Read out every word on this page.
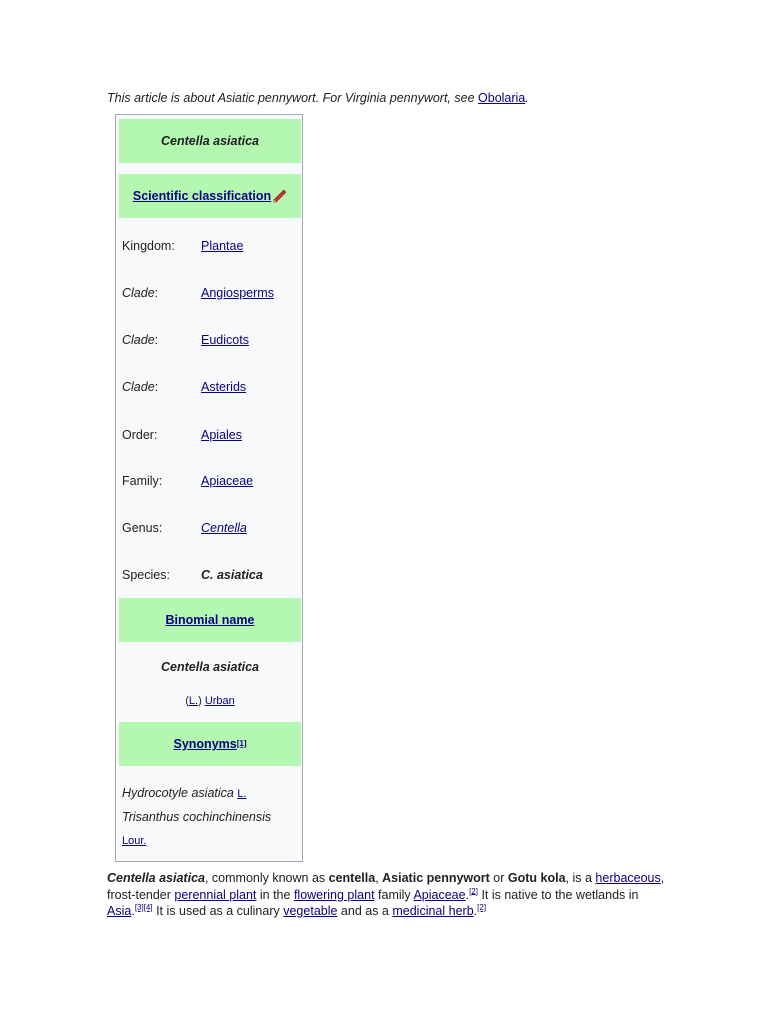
This article is about Asiatic pennywort. For Virginia pennywort, see Obolaria.
Centella asiatica
Scientific classification
Kingdom:	Plantae
Clade:	Angiosperms
Clade:	Eudicots
Clade:	Asterids
Order:	Apiales
Family:	Apiaceae
Genus:	Centella
Species:	C. asiatica
Binomial name
Centella asiatica
(L.) Urban
Synonyms [1]
Hydrocotyle asiatica L.
Trisanthus cochinchinensis Lour.
Centella asiatica, commonly known as centella, Asiatic pennywort or Gotu kola, is a herbaceous, frost-tender perennial plant in the flowering plant family Apiaceae.[2] It is native to the wetlands in Asia.[3][4] It is used as a culinary vegetable and as a medicinal herb.[2]
